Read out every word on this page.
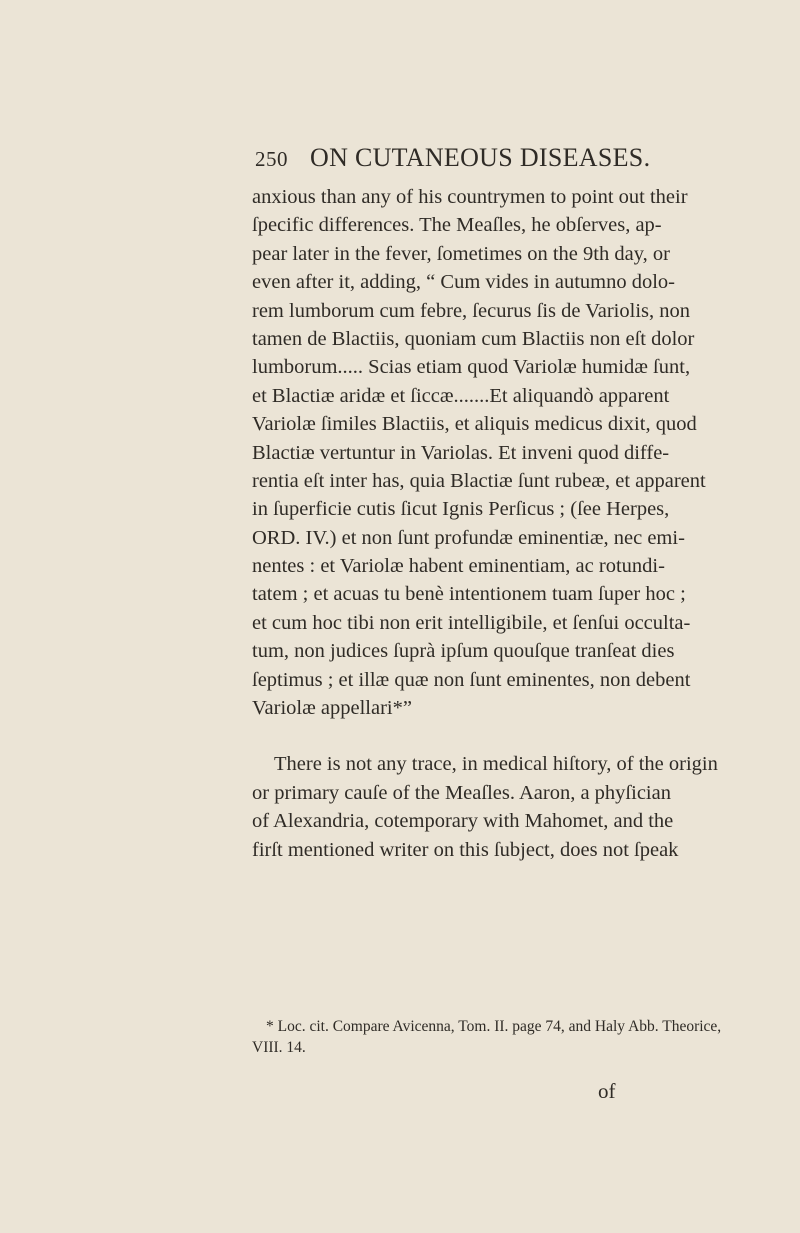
250 ON CUTANEOUS DISEASES.
anxious than any of his countrymen to point out their
ſpecific differences. The Meaſles, he obſerves, ap-
pear later in the fever, ſometimes on the 9th day, or
even after it, adding, “ Cum vides in autumno dolo-
rem lumborum cum febre, ſecurus ſis de Variolis, non
tamen de Blactiis, quoniam cum Blactiis non eſt dolor
lumborum..... Scias etiam quod Variolæ humidæ ſunt,
et Blactiæ aridæ et ſiccæ.......Et aliquandò apparent
Variolæ ſimiles Blactiis, et aliquis medicus dixit, quod
Blactiæ vertuntur in Variolas. Et inveni quod diffe-
rentia eſt inter has, quia Blactiæ ſunt rubeæ, et apparent
in ſuperficie cutis ſicut Ignis Perſicus ; (ſee Herpes,
ORD. IV.) et non ſunt profundæ eminentiæ, nec emi-
nentes : et Variolæ habent eminentiam, ac rotundi-
tatem ; et acuas tu benè intentionem tuam ſuper hoc ;
et cum hoc tibi non erit intelligibile, et ſenſui occulta-
tum, non judices ſuprà ipſum quouſque tranſeat dies
ſeptimus ; et illæ quæ non ſunt eminentes, non debent
Variolæ appellari*”
There is not any trace, in medical hiſtory, of the origin
or primary cauſe of the Meaſles. Aaron, a phyſician
of Alexandria, cotemporary with Mahomet, and the
firſt mentioned writer on this ſubject, does not ſpeak
* Loc. cit. Compare Avicenna, Tom. II. page 74, and Haly Abb. Theorice,
VIII. 14.
of
